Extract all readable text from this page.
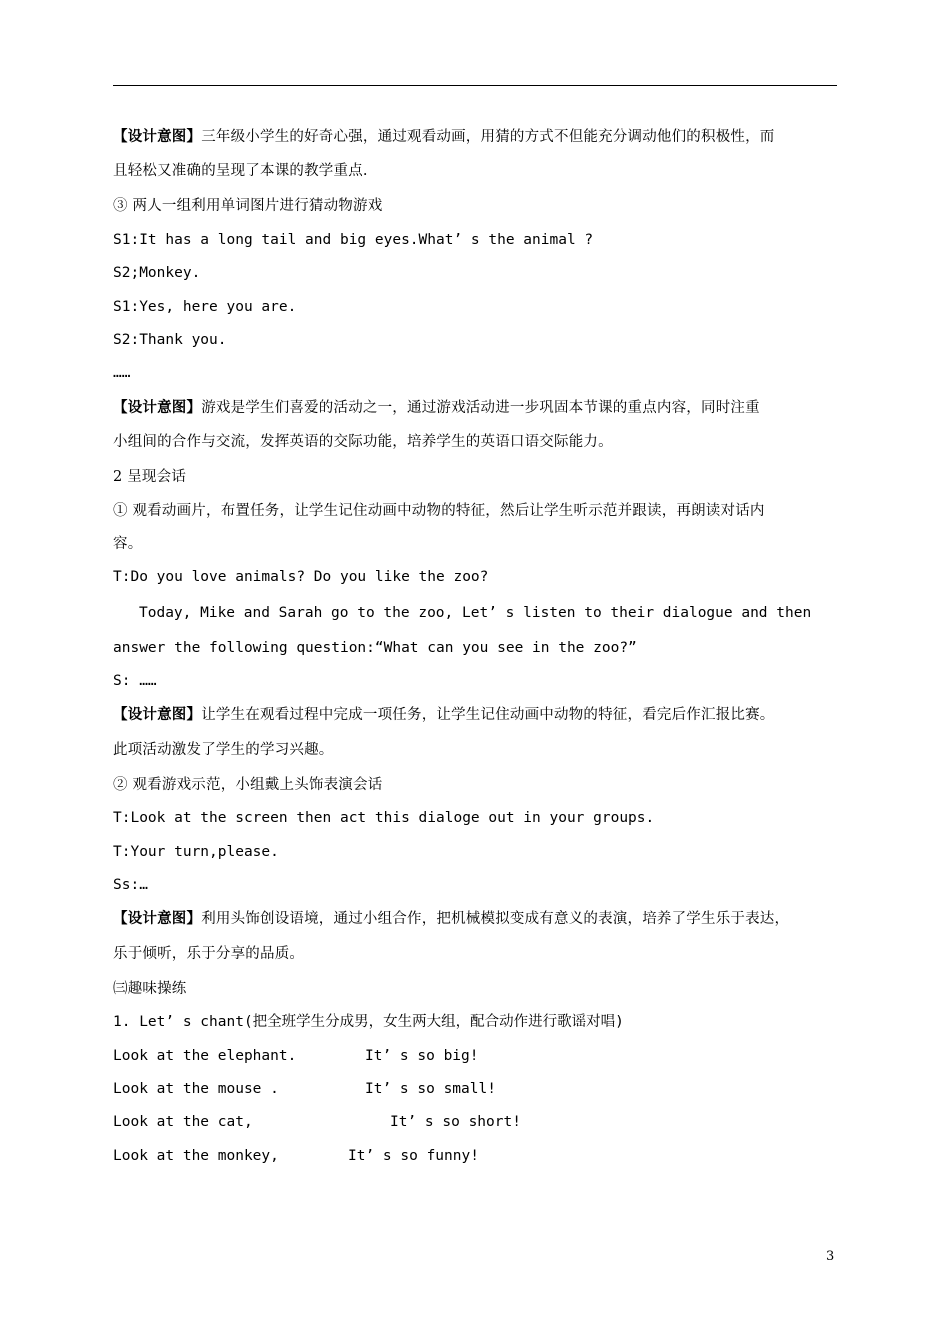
【设计意图】三年级小学生的好奇心强，通过观看动画，用猜的方式不但能充分调动他们的积极性，而
且轻松又准确的呈现了本课的教学重点.
③ 两人一组利用单词图片进行猜动物游戏
S1:It has a long tail and big eyes.What’ s the animal ?
S2;Monkey.
S1:Yes, here you are.
S2:Thank you.
……
【设计意图】游戏是学生们喜爱的活动之一，通过游戏活动进一步巩固本节课的重点内容，同时注重
小组间的合作与交流，发挥英语的交际功能，培养学生的英语口语交际能力。
2 呈现会话
① 观看动画片，布置任务，让学生记住动画中动物的特征，然后让学生听示范并跟读，再朗读对话内
容。
T:Do you love animals? Do you like the zoo?
Today, Mike and Sarah go to the zoo, Let’ s listen to their dialogue and then
answer the following question:“What can you see in the zoo?”
S: ……
【设计意图】让学生在观看过程中完成一项任务，让学生记住动画中动物的特征，看完后作汇报比赛。
此项活动激发了学生的学习兴趣。
② 观看游戏示范，小组戴上头饰表演会话
T:Look at the screen then act this dialoge out in your groups.
T:Your turn,please.
Ss:…
【设计意图】利用头饰创设语境，通过小组合作，把机械模拟变成有意义的表演，培养了学生乐于表达，
乐于倾听，乐于分享的品质。
㈢趣味操练
1. Let’ s chant(把全班学生分成男，女生两大组，配合动作进行歌谣对唱)

Look at the elephant.

	It’ s so big!

Look at the mouse .

	It’ s so small!

Look at the cat,

	It’ s so short!

Look at the monkey,

	It’ s so funny!

3
